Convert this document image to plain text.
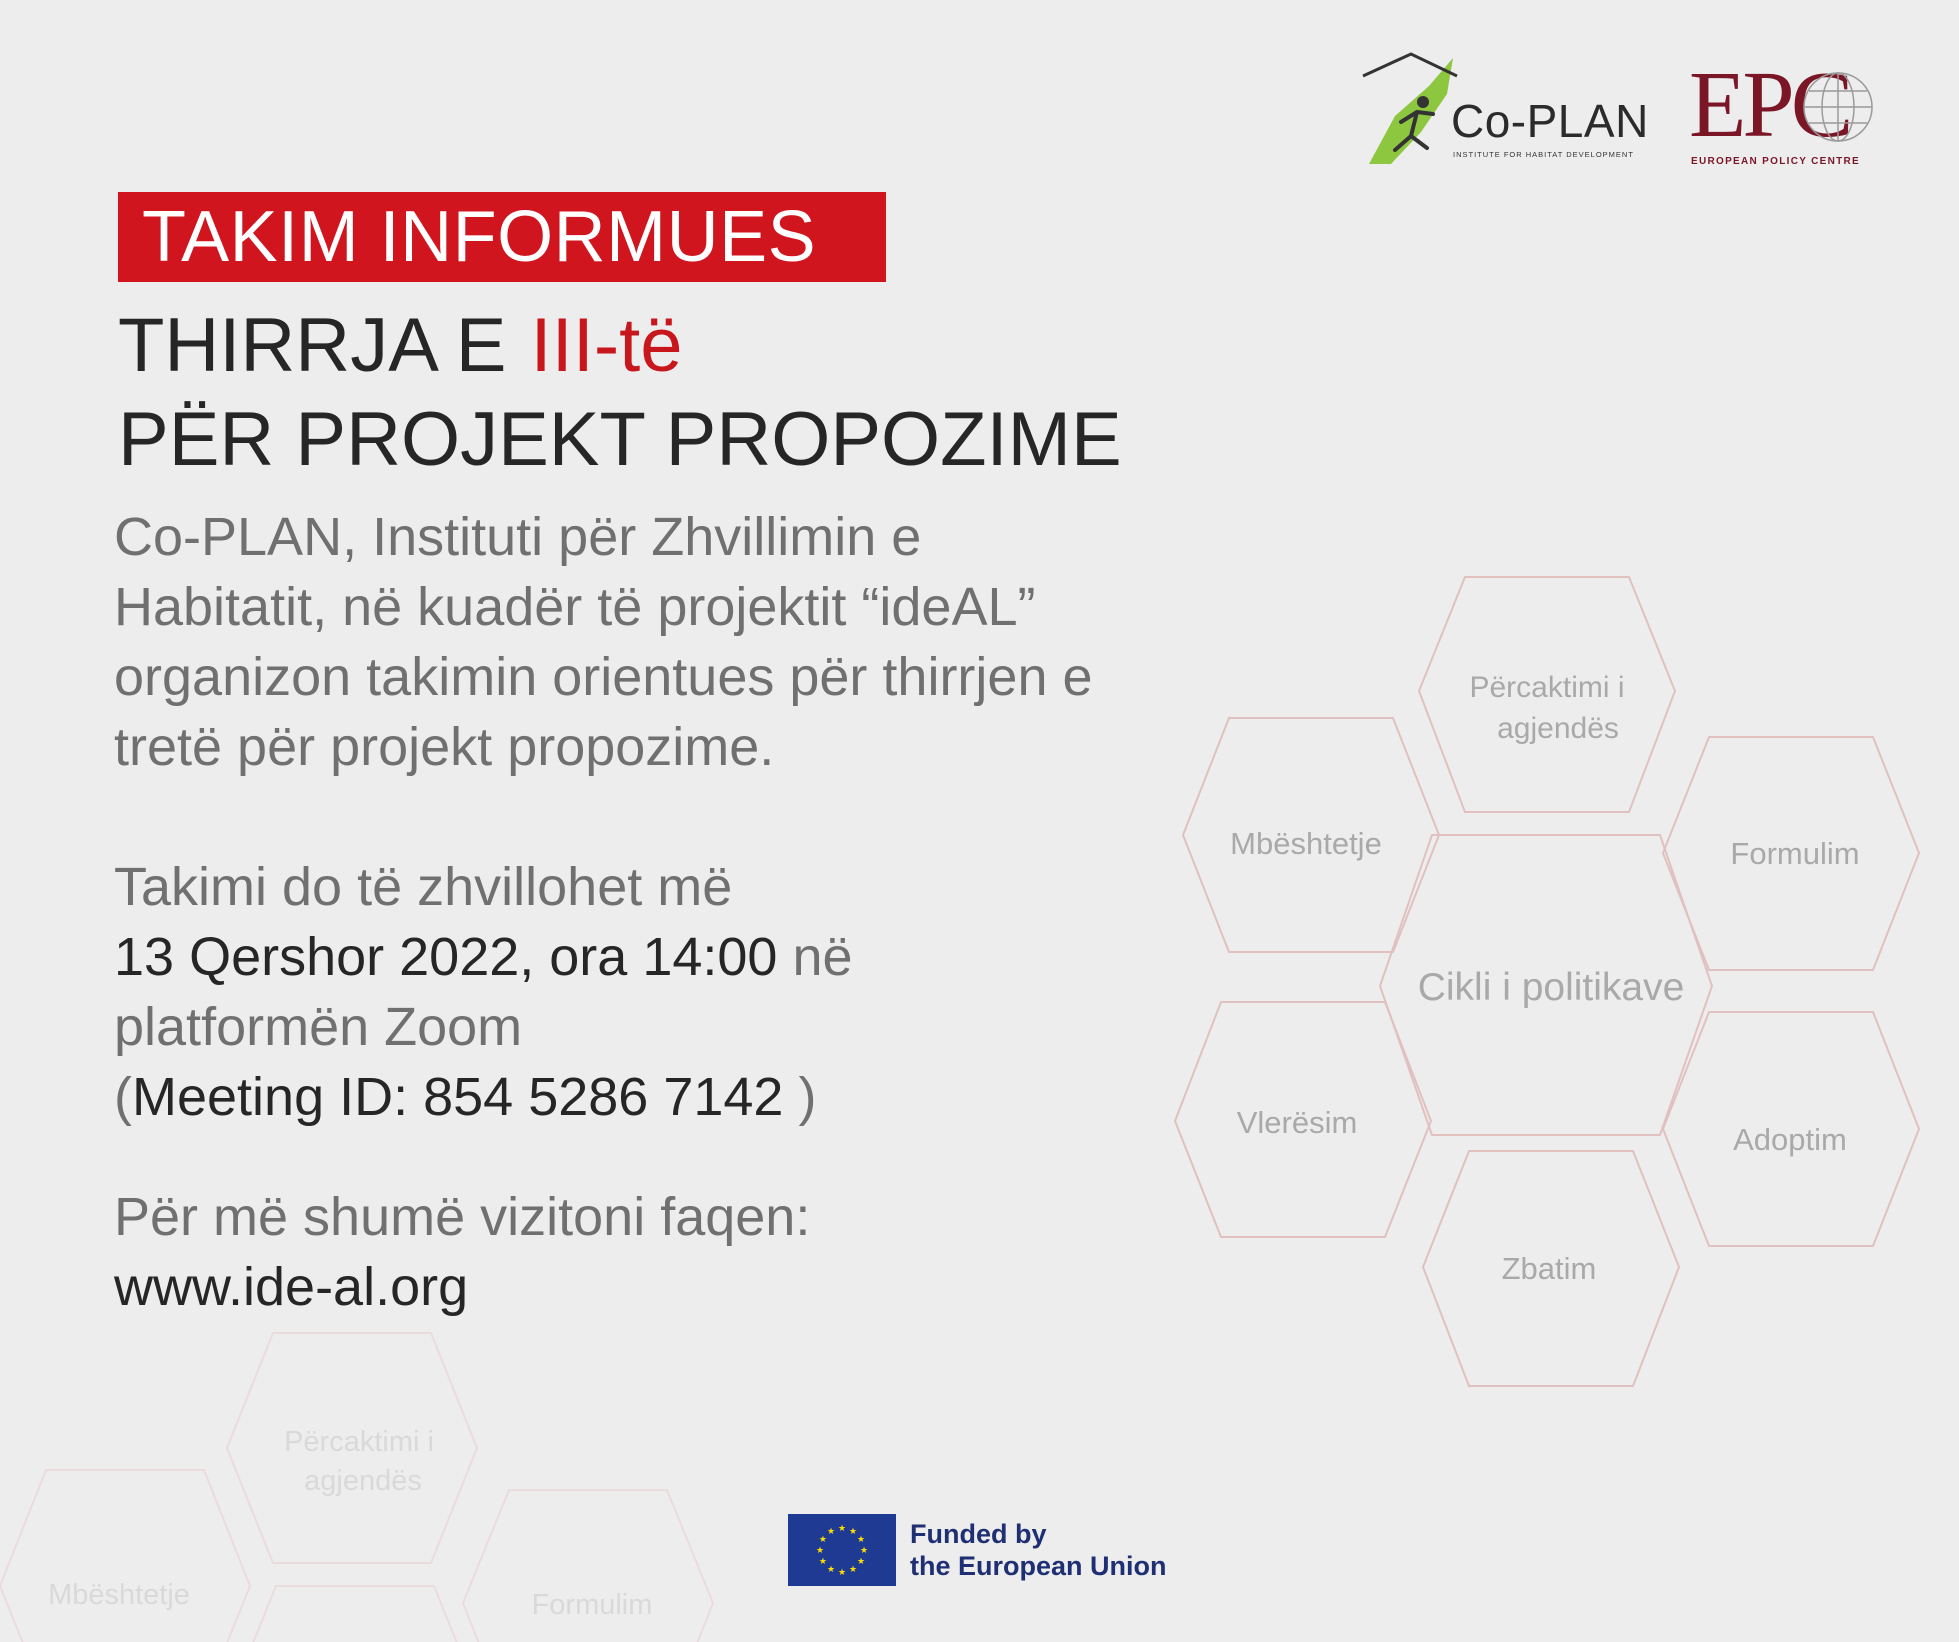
Përcaktimi i
agjendës
Mbështetje	Formulim
Cikli i politikave
Vlerësim	Adoptim
Zbatim
Përcaktimi i
agjendës
Mbështetje	Formulim
Co-PLAN
INSTITUTE FOR HABITAT DEVELOPMENT EPC
EUROPEAN POLICY CENTRE
TAKIM INFORMUES
THIRRJA E III-të
PËR PROJEKT PROPOZIME
Co-PLAN, Instituti për Zhvillimin e
Habitatit, në kuadër të projektit “ideAL”
organizon takimin orientues për thirrjen e
tretë për projekt propozime.
Takimi do të zhvillohet më
13 Qershor 2022, ora 14:00 në
platformën Zoom
(Meeting ID: 854 5286 7142 )
Për më shumë vizitoni faqen:
www.ide-al.org
★
★
★
★
★
★
★
★
★ ★ ★
★ Funded by
the European Union
